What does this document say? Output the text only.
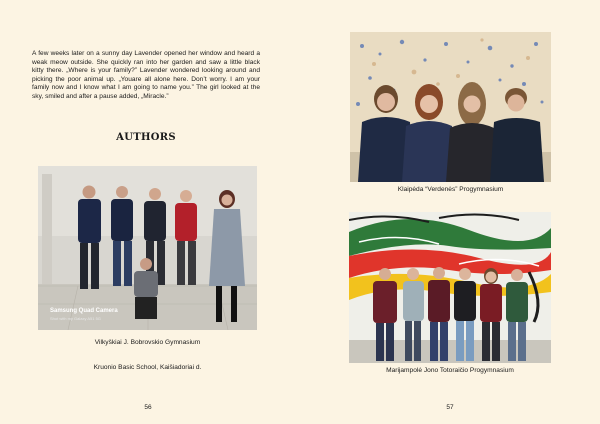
A few weeks later on a sunny day Lavender opened her window and heard a weak meow outside. She quickly ran into her garden and saw a little black kitty there. „Where is your family?” Lavender wondered looking around and picking the poor animal up. „Youare all alone here. Don’t worry. I am your family now and I know what I am going to name you.” The girl looked at the sky, smiled and after a pause added, „Miracle.”

AUTHORS
Samsung Quad Camera
Shot with my Galaxy A51 5G
Vilkyškiai J. Bobrovskio Gymnasium
Kruonio Basic School, Kaišiadoriai d.
56
Klaipėda “Verdenės” Progymnasium
Marijampolė Jono Totoraičio Progymnasium
57
